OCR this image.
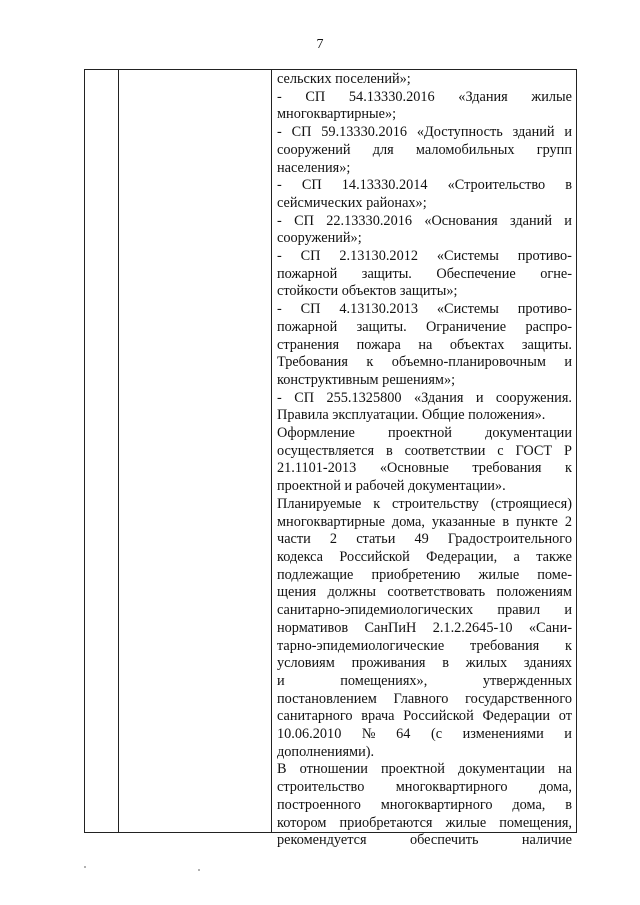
7
сельских поселений»;
- СП 54.13330.2016 «Здания жилые
многоквартирные»;
- СП 59.13330.2016 «Доступность зданий и
сооружений для маломобильных групп
населения»;
- СП 14.13330.2014 «Строительство в
сейсмических районах»;
- СП 22.13330.2016 «Основания зданий и
сооружений»;
- СП 2.13130.2012 «Системы противо-
пожарной защиты. Обеспечение огне-
стойкости объектов защиты»;
- СП 4.13130.2013 «Системы противо-
пожарной защиты. Ограничение распро-
странения пожара на объектах защиты.
Требования к объемно-планировочным и
конструктивным решениям»;
- СП 255.1325800 «Здания и сооружения.
Правила эксплуатации. Общие положения».
Оформление проектной документации
осуществляется в соответствии с ГОСТ Р
21.1101-2013 «Основные требования к
проектной и рабочей документации».
Планируемые к строительству (строящиеся)
многоквартирные дома, указанные в пункте 2
части 2 статьи 49 Градостроительного
кодекса Российской Федерации, а также
подлежащие приобретению жилые поме-
щения должны соответствовать положениям
санитарно-эпидемиологических правил и
нормативов СанПиН 2.1.2.2645-10 «Сани-
тарно-эпидемиологические требования к
условиям проживания в жилых зданиях
и	помещениях»,	утвержденных
постановлением Главного государственного
санитарного врача Российской Федерации от
10.06.2010 № 64 (с изменениями и
дополнениями).
В отношении проектной документации на
строительство многоквартирного дома,
построенного многоквартирного дома, в
котором приобретаются жилые помещения,
рекомендуется	обеспечить	наличие
